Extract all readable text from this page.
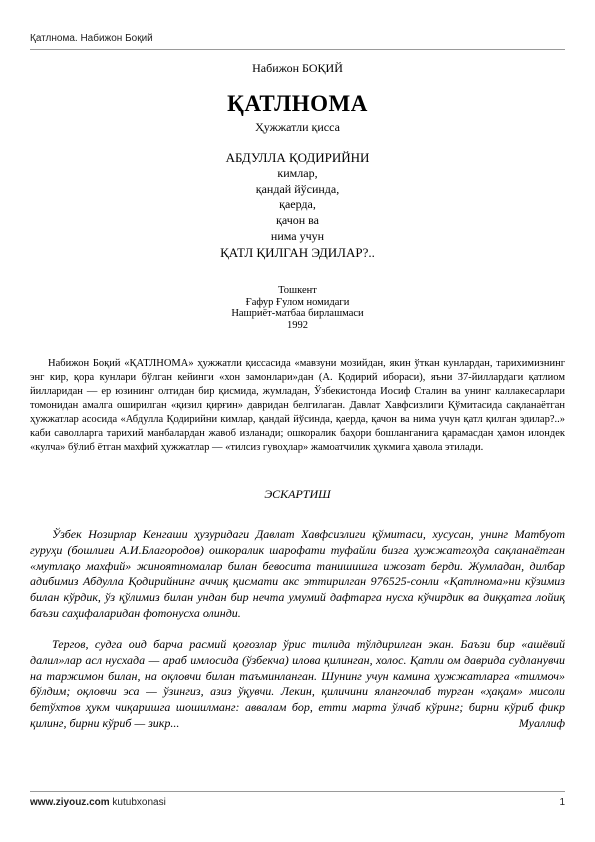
Қатлнома. Набижон Боқий
Набижон БОҚИЙ
ҚАТЛНОМА
Ҳужжатли қисса
АБДУЛЛА ҚОДИРИЙНИ
кимлар,
қандай йўсинда,
қаерда,
қачон ва
нима учун
ҚАТЛ ҚИЛГАН ЭДИЛАР?..
Тошкент
Ғафур Ғулом номидаги
Нашриёт-матбаа бирлашмаси
1992

Набижон Боқий «ҚАТЛНОМА» ҳужжатли қиссасида «мавзуни мозийдан, якин ўткан кунлардан, тарихимизнинг энг кир, қора кунлари бўлган кейинги «хон замонлари»дан (А. Қодирий ибораси), яъни 37-йиллардаги қатлиом йилларидан — ер юзининг олтидан бир қисмида, жумладан, Ўзбекистонда Иосиф Сталин ва унинг каллакесарлари томонидан амалга оширилган «қизил қирғин» давридан белгилаган. Давлат Хавфсизлиги Қўмитасида сақланаётган ҳужжатлар асосида «Абдулла Қодирийни кимлар, қандай йўсинда, қаерда, қачон ва нима учун қатл қилган эдилар?..» каби саволларга тарихий манбалардан жавоб изланади; ошкоралик баҳори бошланганига қарамасдан ҳамон илондек «кулча» бўлиб ётган махфий ҳужжатлар — «тилсиз гувоҳлар» жамоатчилик ҳукмига ҳавола этилади.

ЭСКАРТИШ

Ўзбек Нозирлар Кенгаши ҳузуридаги Давлат Хавфсизлиги қўмитаси, хусусан, унинг Матбуот гуруҳи (бошлиғи А.И.Благородов) ошкоралик шарофати туфайли бизга ҳужжатгоҳда сақланаётган «мутлақо махфий» жиноятномалар билан бевосита танишишга ижозат берди. Жумладан, дилбар адибимиз Абдулла Қодирийнинг аччиқ қисмати акс эттирилган 976525-сонли «Қатлнома»ни кўзимиз билан кўрдик, ўз қўлимиз билан ундан бир нечта умумий дафтарга нусха кўчирдик ва диққатга лойиқ баъзи саҳифаларидан фотонусха олинди.

Тергов, судга оид барча расмий қоғозлар ўрис тилида тўлдирилган экан. Баъзи бир «ашёвий далил»лар асл нусхада — араб имлосида (ўзбекча) илова қилинган, холос. Қатли ом даврида судланувчи на таржимон билан, на оқловчи билан таъминланган. Шунинг учун камина ҳужжатларга «тилмоч» бўлдим; оқловчи эса — ўзингиз, азиз ўқувчи. Лекин, қиличини ялангочлаб турган «ҳақам» мисоли бетўхтов ҳукм чиқаришга шошилманг: аввалам бор, етти марта ўлчаб кўринг; бирни кўриб фикр қилинг, бирни кўриб — зикр...	Муаллиф
www.ziyouz.com kutubxonasi	1
